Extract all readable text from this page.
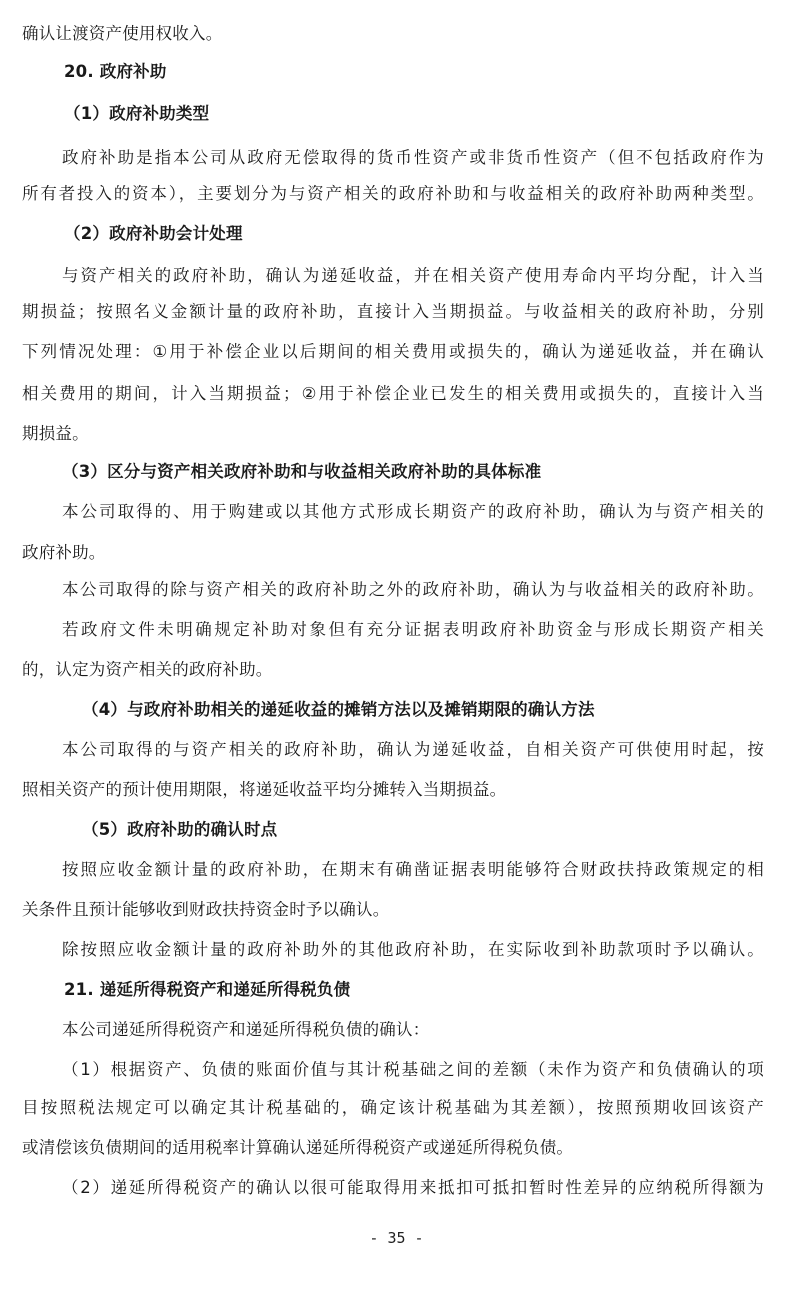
确认让渡资产使用权收入。
20. 政府补助
（1）政府补助类型
政府补助是指本公司从政府无偿取得的货币性资产或非货币性资产（但不包括政府作为
所有者投入的资本），主要划分为与资产相关的政府补助和与收益相关的政府补助两种类型。
（2）政府补助会计处理
与资产相关的政府补助，确认为递延收益，并在相关资产使用寿命内平均分配，计入当
期损益；按照名义金额计量的政府补助，直接计入当期损益。与收益相关的政府补助，分别
下列情况处理：①用于补偿企业以后期间的相关费用或损失的，确认为递延收益，并在确认
相关费用的期间，计入当期损益；②用于补偿企业已发生的相关费用或损失的，直接计入当
期损益。
（3）区分与资产相关政府补助和与收益相关政府补助的具体标准
本公司取得的、用于购建或以其他方式形成长期资产的政府补助，确认为与资产相关的
政府补助。
本公司取得的除与资产相关的政府补助之外的政府补助，确认为与收益相关的政府补助。
若政府文件未明确规定补助对象但有充分证据表明政府补助资金与形成长期资产相关
的，认定为资产相关的政府补助。
（4）与政府补助相关的递延收益的摊销方法以及摊销期限的确认方法
本公司取得的与资产相关的政府补助，确认为递延收益，自相关资产可供使用时起，按
照相关资产的预计使用期限，将递延收益平均分摊转入当期损益。
（5）政府补助的确认时点
按照应收金额计量的政府补助，在期末有确凿证据表明能够符合财政扶持政策规定的相
关条件且预计能够收到财政扶持资金时予以确认。
除按照应收金额计量的政府补助外的其他政府补助，在实际收到补助款项时予以确认。
21. 递延所得税资产和递延所得税负债
本公司递延所得税资产和递延所得税负债的确认：
（1）根据资产、负债的账面价值与其计税基础之间的差额（未作为资产和负债确认的项
目按照税法规定可以确定其计税基础的，确定该计税基础为其差额），按照预期收回该资产
或清偿该负债期间的适用税率计算确认递延所得税资产或递延所得税负债。
（2）递延所得税资产的确认以很可能取得用来抵扣可抵扣暂时性差异的应纳税所得额为
- 35 -
